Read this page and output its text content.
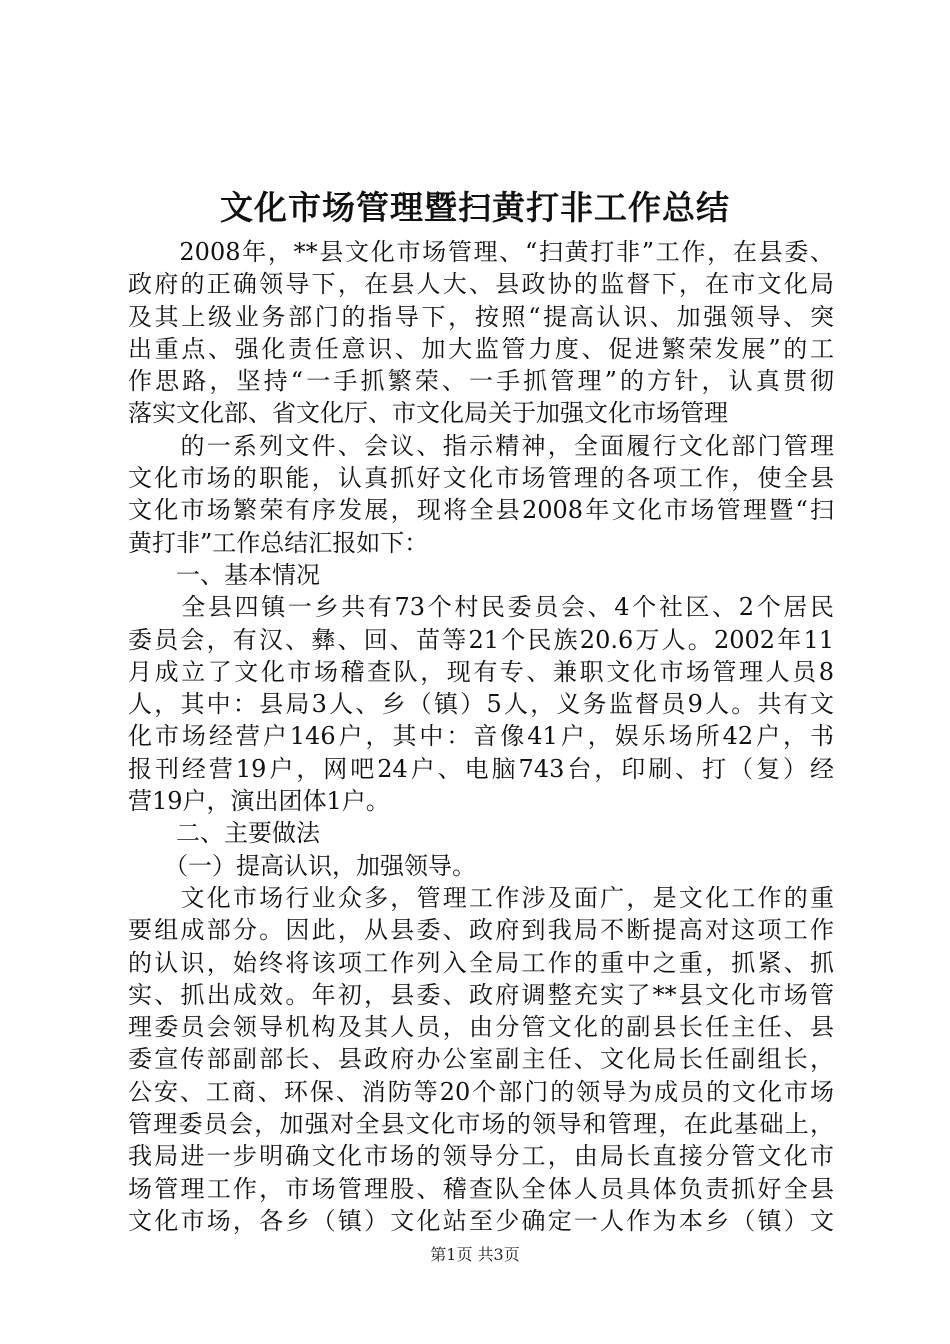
文化市场管理暨扫黄打非工作总结
　　2008年，**县文化市场管理、“扫黄打非”工作，在县委、
政府的正确领导下，在县人大、县政协的监督下，在市文化局
及其上级业务部门的指导下，按照“提高认识、加强领导、突
出重点、强化责任意识、加大监管力度、促进繁荣发展”的工
作思路，坚持“一手抓繁荣、一手抓管理”的方针，认真贯彻
落实文化部、省文化厅、市文化局关于加强文化市场管理
　　的一系列文件、会议、指示精神，全面履行文化部门管理
文化市场的职能，认真抓好文化市场管理的各项工作，使全县
文化市场繁荣有序发展，现将全县2008年文化市场管理暨“扫
黄打非”工作总结汇报如下：
　　一、基本情况
　　全县四镇一乡共有73个村民委员会、4个社区、2个居民
委员会，有汉、彝、回、苗等21个民族20.6万人。2002年11
月成立了文化市场稽查队，现有专、兼职文化市场管理人员8
人，其中：县局3人、乡（镇）5人，义务监督员9人。共有文
化市场经营户146户，其中：音像41户，娱乐场所42户，书
报刊经营19户，网吧24户、电脑743台，印刷、打（复）经
营19户，演出团体1户。
　　二、主要做法
　　（一）提高认识，加强领导。
　　文化市场行业众多，管理工作涉及面广，是文化工作的重
要组成部分。因此，从县委、政府到我局不断提高对这项工作
的认识，始终将该项工作列入全局工作的重中之重，抓紧、抓
实、抓出成效。年初，县委、政府调整充实了**县文化市场管
理委员会领导机构及其人员，由分管文化的副县长任主任、县
委宣传部副部长、县政府办公室副主任、文化局长任副组长，
公安、工商、环保、消防等20个部门的领导为成员的文化市场
管理委员会，加强对全县文化市场的领导和管理，在此基础上，
我局进一步明确文化市场的领导分工，由局长直接分管文化市
场管理工作，市场管理股、稽查队全体人员具体负责抓好全县
文化市场，各乡（镇）文化站至少确定一人作为本乡（镇）文
第1页 共3页
